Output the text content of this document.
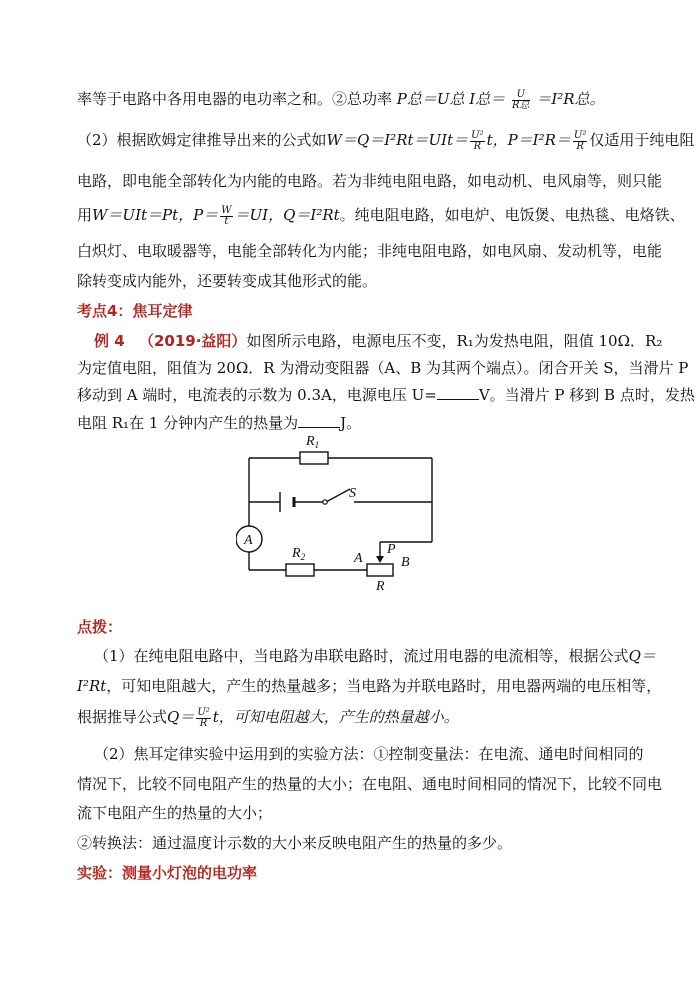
率等于电路中各用电器的电功率之和。②总功率 P总＝U总 I总＝ $\frac{U}{\text{R总}} =I^2R$总。
（2）根据欧姆定律推导出来的公式如$W=Q=I^2Rt=UIt= \frac{\text{U²}}{R}$ t，$P=I^2R= \frac{\text{U²}}{R}$ 仅适用于纯电阻
电路，即电能全部转化为内能的电路。若为非纯电阻电路，如电动机、电风扇等，则只能
用W＝UIt＝Pt，$P= \frac{W}{t} =UI$，Q＝I²Rt。纯电阻电路，如电炉、电饭煲、电热毯、电烙铁、
白炽灯、电取暖器等，电能全部转化为内能；非纯电阻电路，如电风扇、发动机等，电能
除转变成内能外，还要转变成其他形式的能。
考点4：焦耳定律
例 4 （2019·益阳）如图所示电路，电源电压不变，R₁为发热电阻，阻值 10Ω．R₂
为定值电阻，阻值为 20Ω．R 为滑动变阻器（A、B 为其两个端点）。闭合开关 S，当滑片 P
移动到 A 端时，电流表的示数为 0.3A，电源电压 U=	V。当滑片 P 移到 B 点时，发热
电阻 R₁在 1 分钟内产生的热量为	J。
$R_1$
S
A
$R_2$	A
P
B
R
点拨：
（1）在纯电阻电路中，当电路为串联电路时，流过用电器的电流相等，根据公式Q＝
I²Rt，可知电阻越大，产生的热量越多；当电路为并联电路时，用电器两端的电压相等，
根据推导公式$Q= \frac{\text{U²}}{R}$ t，可知电阻越大，产生的热量越小。
（2）焦耳定律实验中运用到的实验方法：①控制变量法：在电流、通电时间相同的
情况下，比较不同电阻产生的热量的大小；在电阻、通电时间相同的情况下，比较不同电
流下电阻产生的热量的大小；
②转换法：通过温度计示数的大小来反映电阻产生的热量的多少。
实验：测量小灯泡的电功率
